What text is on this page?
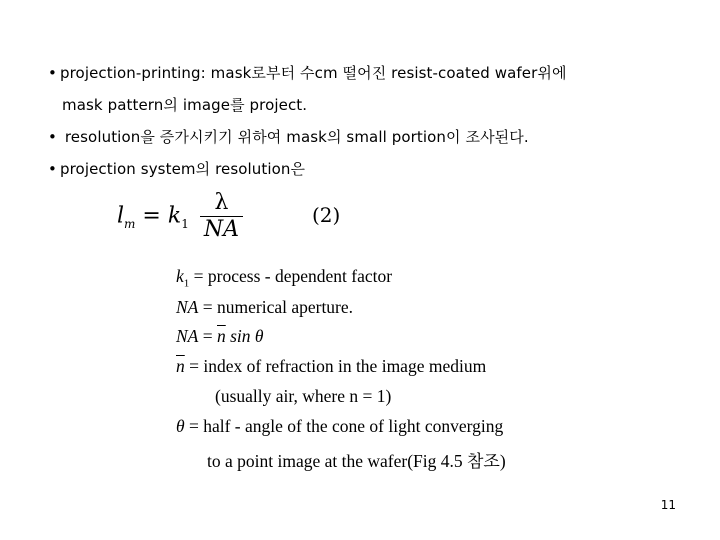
• projection-printing: mask로부터 수cm 떨어진 resist-coated wafer위에
mask pattern의 image를 project.
• resolution을 증가시키기 위하여 mask의 small portion이 조사된다.
• projection system의 resolution은
$l_m = k_1 \frac{\lambda}{NA}$	(2)
$k_1$ = process - dependent factor
NA = numerical aperture.
NA = $\overline{n}$ sin θ
$\overline{n}$ = index of refraction in the image medium
(usually air, where n = 1)
θ = half - angle of the cone of light converging
to a point image at the wafer(Fig 4.5 참조)
11
